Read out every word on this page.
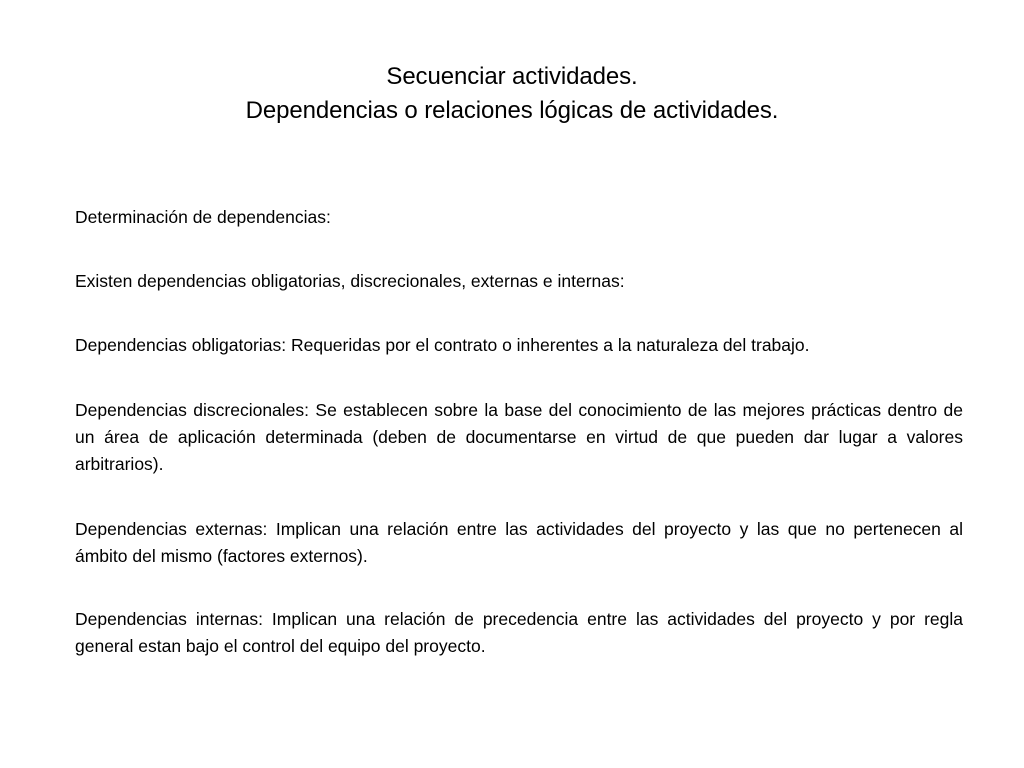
Secuenciar actividades.
Dependencias o relaciones lógicas de actividades.

Determinación de dependencias:

Existen dependencias obligatorias, discrecionales, externas e internas:

Dependencias obligatorias: Requeridas por el contrato o inherentes a la naturaleza del trabajo.

Dependencias discrecionales: Se establecen sobre la base del conocimiento de las mejores prácticas dentro de un área de aplicación determinada (deben de documentarse en virtud de que pueden dar lugar a valores arbitrarios).

Dependencias externas: Implican una relación entre las actividades del proyecto y las que no pertenecen al ámbito del mismo (factores externos).

Dependencias internas: Implican una relación de precedencia entre las actividades del proyecto y por regla general estan bajo el control del equipo del proyecto.
